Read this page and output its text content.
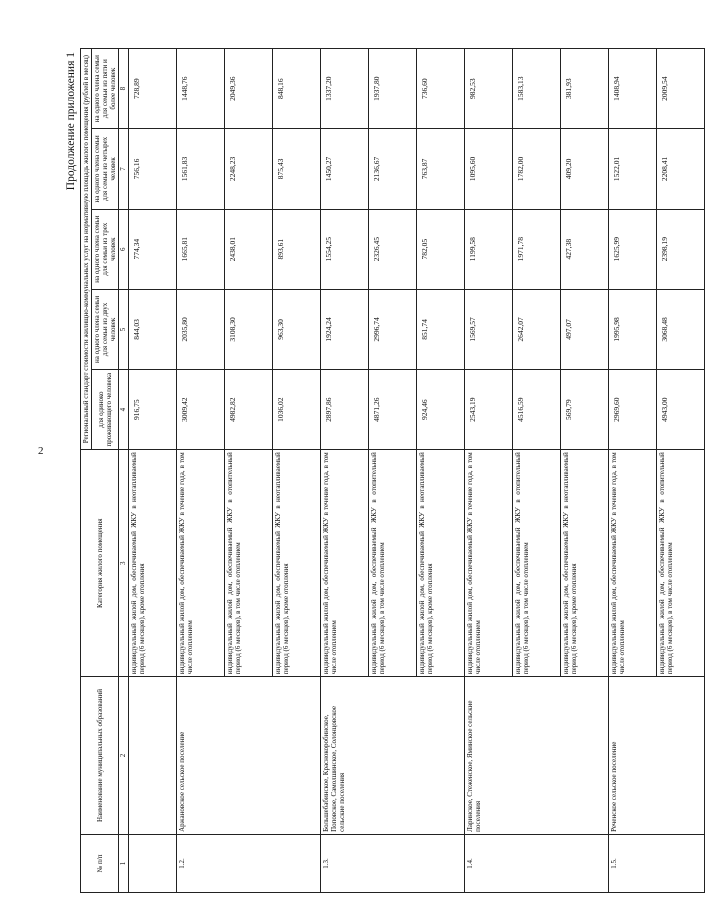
2
Продолжение приложения 1
№ п/п	Наименование муниципальных образований	Категория жилого помещения	Региональный стандарт стоимости жилищно-коммунальных услуг на нормативную площадь жилого помещения (рублей в месяц)				
			для одиноко проживающего человека	на одного члена семьи для семьи из двух человек	на одного члена семьи для семьи из трех человек	на одного члена семьи для семьи из четырех человек	на одного члена семьи для семьи из пяти и более человек
1	2	3	4	5	6	7	8
		индивидуальный жилой дом, обеспечиваемый ЖКУ в неотапливаемый период (6 месяцев), кроме отопления	916,75	844,03	774,34	756,16	728,89
1.2.	Аржановское сельское поселение	индивидуальный жилой дом, обеспечиваемый ЖКУ в течение года, в том числе отоплением	3009,42	2035,80	1665,81	1561,83	1448,76
		индивидуальный жилой дом, обеспечиваемый ЖКУ в отопительный период (6 месяцев), в том числе отоплением	4982,82	3108,30	2438,01	2248,23	2049,36
		индивидуальный жилой дом, обеспечиваемый ЖКУ в неотапливаемый период (6 месяцев), кроме отопления	1036,02	963,30	893,61	875,43	848,16
1.3.	Большебабинское, Краснокоробинское, Поповское, Самолшинское, Солонцовское сельские поселения	индивидуальный жилой дом, обеспечиваемый ЖКУ в течение года, в том числе отоплением	2897,86	1924,24	1554,25	1450,27	1337,20
		индивидуальный жилой дом, обеспечиваемый ЖКУ в отопительный период (6 месяцев), в том числе отоплением	4871,26	2996,74	2326,45	2136,67	1937,80
		индивидуальный жилой дом, обеспечиваемый ЖКУ в неотапливаемый период (6 месяцев), кроме отопления	924,46	851,74	782,05	763,87	736,60
1.4.	Ларинское, Стеженское, Яминское сельские поселения	индивидуальный жилой дом, обеспечиваемый ЖКУ в течение года, в том числе отоплением	2543,19	1569,57	1199,58	1095,60	982,53
		индивидуальный жилой дом, обеспечиваемый ЖКУ в отопительный период (6 месяцев), в том числе отоплением	4516,59	2642,07	1971,78	1782,00	1583,13
		индивидуальный жилой дом, обеспечиваемый ЖКУ в неотапливаемый период (6 месяцев), кроме отопления	569,79	497,07	427,38	409,20	381,93
1.5.	Реченское сельское поселение	индивидуальный жилой дом, обеспечиваемый ЖКУ в течение года, в том числе отоплением	2969,60	1995,98	1625,99	1522,01	1408,94
		индивидуальный жилой дом, обеспечиваемый ЖКУ в отопительный период (6 месяцев), в том числе отоплением	4943,00	3068,48	2398,19	2208,41	2009,54
